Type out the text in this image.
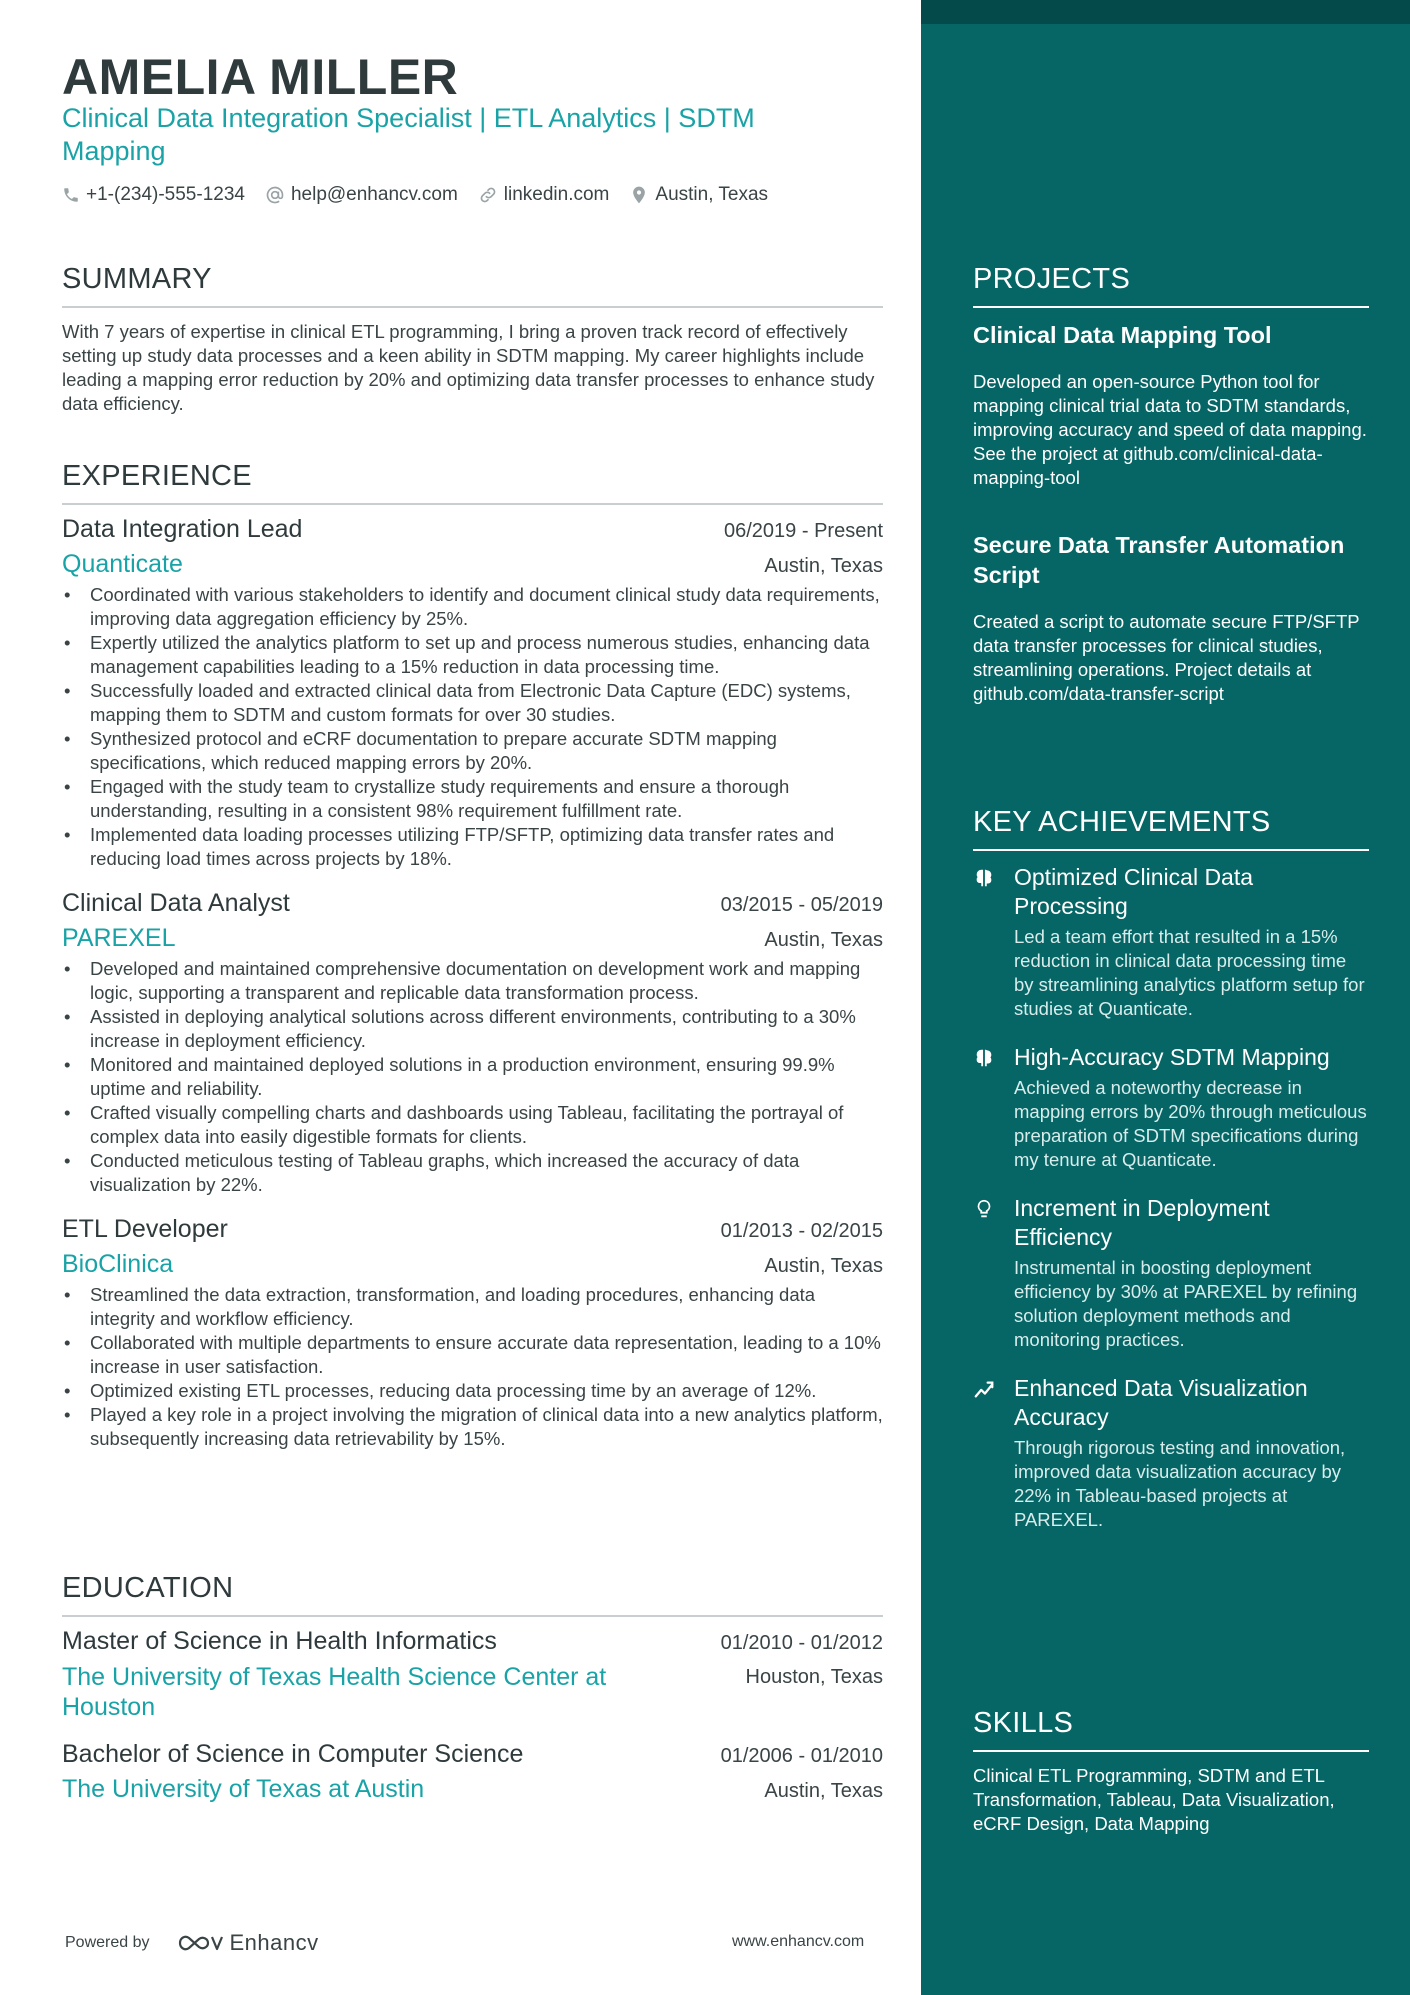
AMELIA MILLER
Clinical Data Integration Specialist | ETL Analytics | SDTM Mapping
+1-(234)-555-1234 help@enhancv.com linkedin.com Austin, Texas
SUMMARY
With 7 years of expertise in clinical ETL programming, I bring a proven track record of effectively setting up study data processes and a keen ability in SDTM mapping. My career highlights include leading a mapping error reduction by 20% and optimizing data transfer processes to enhance study data efficiency.
EXPERIENCE
Data Integration Lead	06/2019 - Present
Quanticate	Austin, Texas
• Coordinated with various stakeholders to identify and document clinical study data requirements, improving data aggregation efficiency by 25%.
• Expertly utilized the analytics platform to set up and process numerous studies, enhancing data management capabilities leading to a 15% reduction in data processing time.
• Successfully loaded and extracted clinical data from Electronic Data Capture (EDC) systems, mapping them to SDTM and custom formats for over 30 studies.
• Synthesized protocol and eCRF documentation to prepare accurate SDTM mapping specifications, which reduced mapping errors by 20%.
• Engaged with the study team to crystallize study requirements and ensure a thorough understanding, resulting in a consistent 98% requirement fulfillment rate.
• Implemented data loading processes utilizing FTP/SFTP, optimizing data transfer rates and reducing load times across projects by 18%.
Clinical Data Analyst	03/2015 - 05/2019
PAREXEL	Austin, Texas
• Developed and maintained comprehensive documentation on development work and mapping logic, supporting a transparent and replicable data transformation process.
• Assisted in deploying analytical solutions across different environments, contributing to a 30% increase in deployment efficiency.
• Monitored and maintained deployed solutions in a production environment, ensuring 99.9% uptime and reliability.
• Crafted visually compelling charts and dashboards using Tableau, facilitating the portrayal of complex data into easily digestible formats for clients.
• Conducted meticulous testing of Tableau graphs, which increased the accuracy of data visualization by 22%.
ETL Developer	01/2013 - 02/2015
BioClinica	Austin, Texas
• Streamlined the data extraction, transformation, and loading procedures, enhancing data integrity and workflow efficiency.
• Collaborated with multiple departments to ensure accurate data representation, leading to a 10% increase in user satisfaction.
• Optimized existing ETL processes, reducing data processing time by an average of 12%.
• Played a key role in a project involving the migration of clinical data into a new analytics platform, subsequently increasing data retrievability by 15%.
EDUCATION
Master of Science in Health Informatics	01/2010 - 01/2012
The University of Texas Health Science Center at Houston
Houston, Texas
Bachelor of Science in Computer Science	01/2006 - 01/2010
The University of Texas at Austin	Austin, Texas
Powered by	Enhancv	www.enhancv.com
PROJECTS
Clinical Data Mapping Tool
Developed an open-source Python tool for mapping clinical trial data to SDTM standards, improving accuracy and speed of data mapping. See the project at github.com/clinical-data-mapping-tool
Secure Data Transfer Automation Script
Created a script to automate secure FTP/SFTP data transfer processes for clinical studies, streamlining operations. Project details at github.com/data-transfer-script
KEY ACHIEVEMENTS
Optimized Clinical Data Processing
Led a team effort that resulted in a 15% reduction in clinical data processing time by streamlining analytics platform setup for studies at Quanticate.
High-Accuracy SDTM Mapping
Achieved a noteworthy decrease in mapping errors by 20% through meticulous preparation of SDTM specifications during my tenure at Quanticate.
Increment in Deployment Efficiency
Instrumental in boosting deployment efficiency by 30% at PAREXEL by refining solution deployment methods and monitoring practices.
Enhanced Data Visualization Accuracy
Through rigorous testing and innovation, improved data visualization accuracy by 22% in Tableau-based projects at PAREXEL.
SKILLS
Clinical ETL Programming, SDTM and ETL Transformation, Tableau, Data Visualization, eCRF Design, Data Mapping
